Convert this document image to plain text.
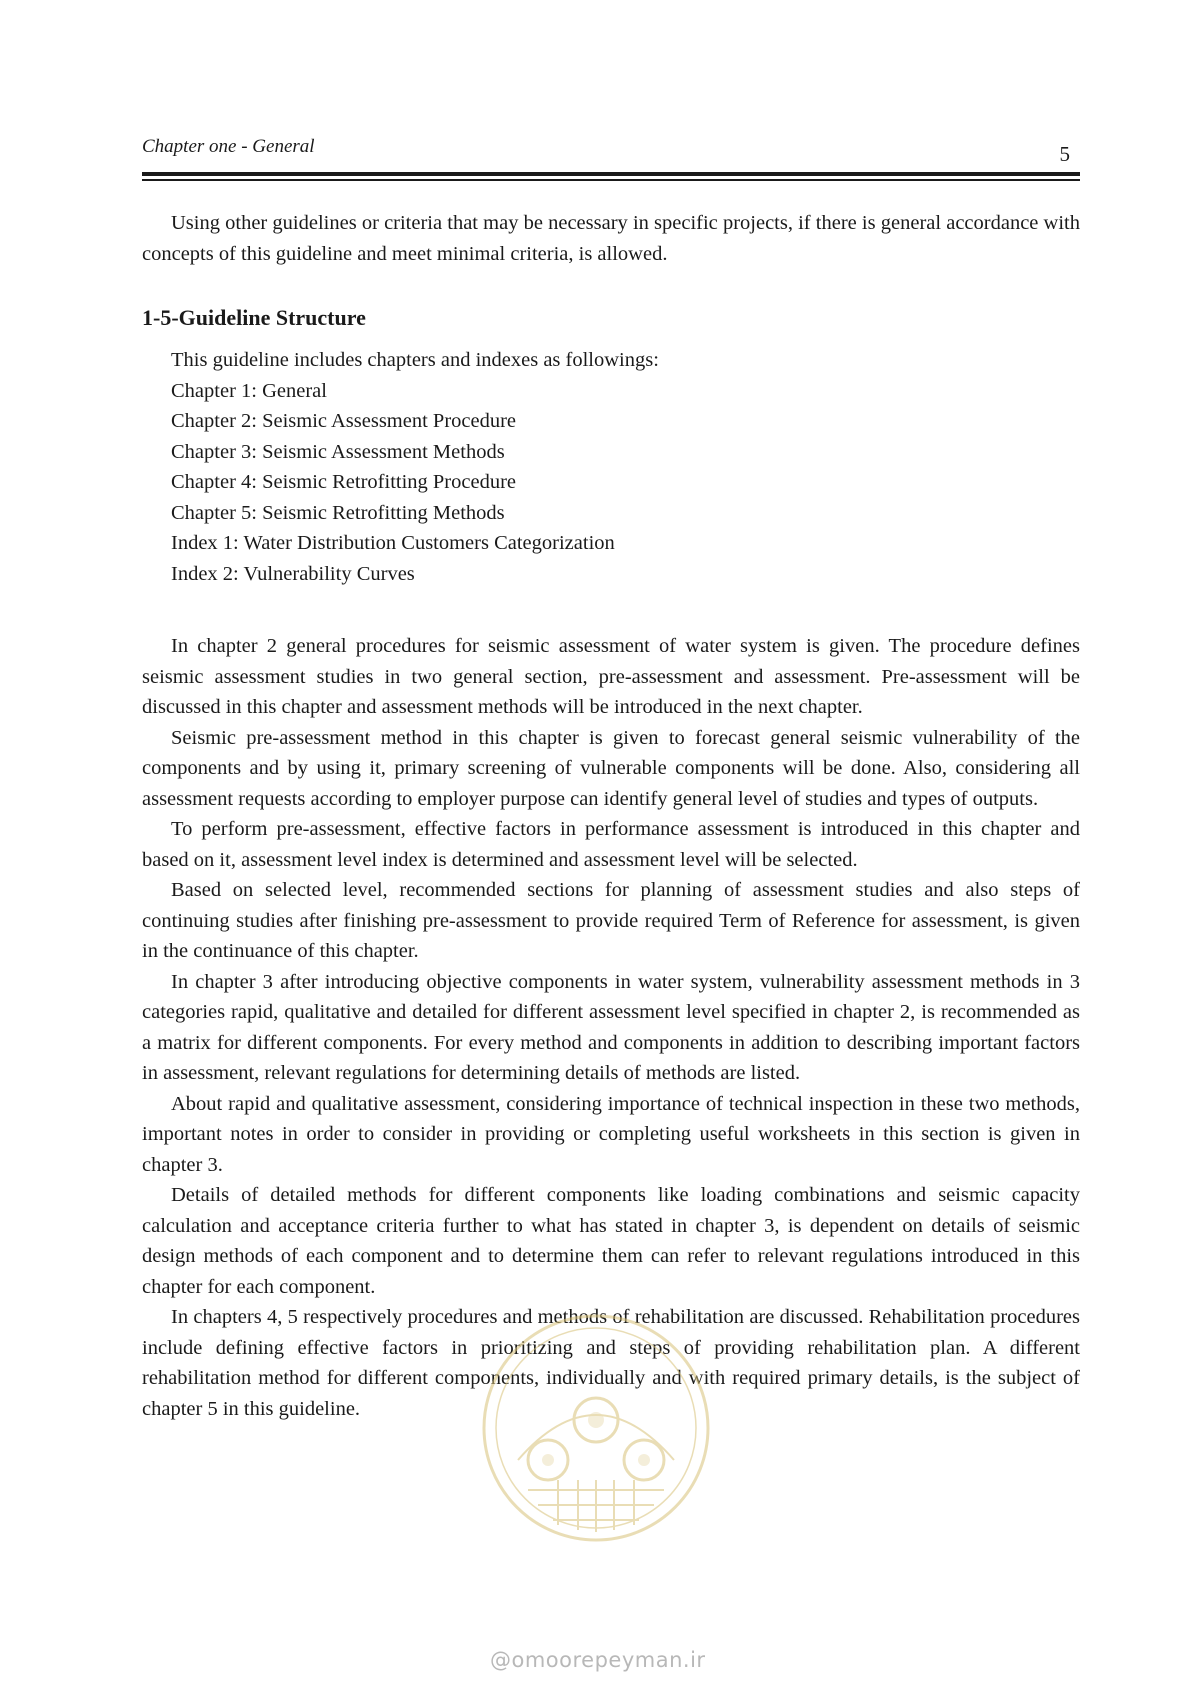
Chapter one - General	5

Using other guidelines or criteria that may be necessary in specific projects, if there is general accordance with concepts of this guideline and meet minimal criteria, is allowed.

1-5-Guideline Structure

This guideline includes chapters and indexes as followings:

Chapter 1: General
Chapter 2: Seismic Assessment Procedure
Chapter 3: Seismic Assessment Methods
Chapter 4: Seismic Retrofitting Procedure
Chapter 5: Seismic Retrofitting Methods
Index 1: Water Distribution Customers Categorization
Index 2: Vulnerability Curves

In chapter 2 general procedures for seismic assessment of water system is given. The procedure defines seismic assessment studies in two general section, pre-assessment and assessment. Pre-assessment will be discussed in this chapter and assessment methods will be introduced in the next chapter.

Seismic pre-assessment method in this chapter is given to forecast general seismic vulnerability of the components and by using it, primary screening of vulnerable components will be done. Also, considering all assessment requests according to employer purpose can identify general level of studies and types of outputs.

To perform pre-assessment, effective factors in performance assessment is introduced in this chapter and based on it, assessment level index is determined and assessment level will be selected.

Based on selected level, recommended sections for planning of assessment studies and also steps of continuing studies after finishing pre-assessment to provide required Term of Reference for assessment, is given in the continuance of this chapter.

In chapter 3 after introducing objective components in water system, vulnerability assessment methods in 3 categories rapid, qualitative and detailed for different assessment level specified in chapter 2, is recommended as a matrix for different components. For every method and components in addition to describing important factors in assessment, relevant regulations for determining details of methods are listed.

About rapid and qualitative assessment, considering importance of technical inspection in these two methods, important notes in order to consider in providing or completing useful worksheets in this section is given in chapter 3.

Details of detailed methods for different components like loading combinations and seismic capacity calculation and acceptance criteria further to what has stated in chapter 3, is dependent on details of seismic design methods of each component and to determine them can refer to relevant regulations introduced in this chapter for each component.

In chapters 4, 5 respectively procedures and methods of rehabilitation are discussed. Rehabilitation procedures include defining effective factors in prioritizing and steps of providing rehabilitation plan. A different rehabilitation method for different components, individually and with required primary details, is the subject of chapter 5 in this guideline.

@omoorepeyman.ir
